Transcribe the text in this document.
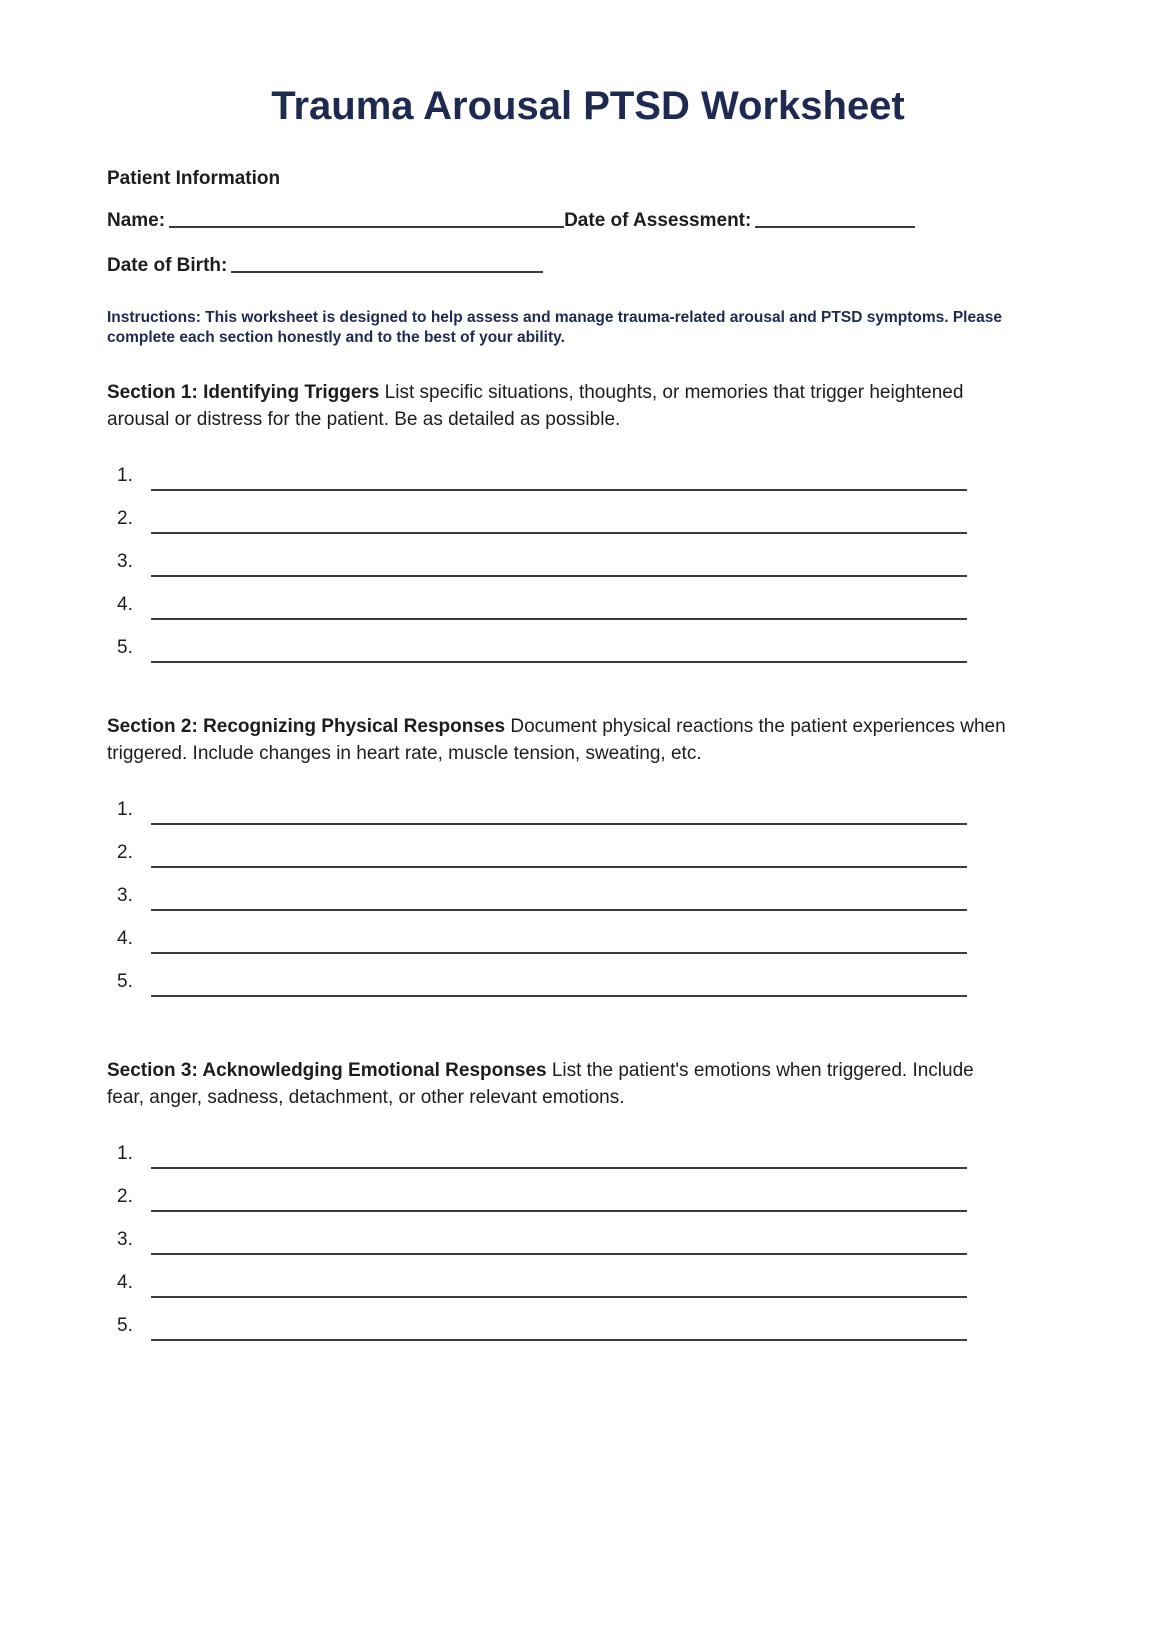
Trauma Arousal PTSD Worksheet
Patient Information
Name:	Date of Assessment:
Date of Birth:

Instructions: This worksheet is designed to help assess and manage trauma-related arousal and PTSD symptoms. Please complete each section honestly and to the best of your ability.

Section 1: Identifying Triggers List specific situations, thoughts, or memories that trigger heightened arousal or distress for the patient. Be as detailed as possible.

1.
2.
3.
4.
5.

Section 2: Recognizing Physical Responses Document physical reactions the patient experiences when triggered. Include changes in heart rate, muscle tension, sweating, etc.

1.
2.
3.
4.
5.

Section 3: Acknowledging Emotional Responses List the patient's emotions when triggered. Include fear, anger, sadness, detachment, or other relevant emotions.

1.
2.
3.
4.
5.
